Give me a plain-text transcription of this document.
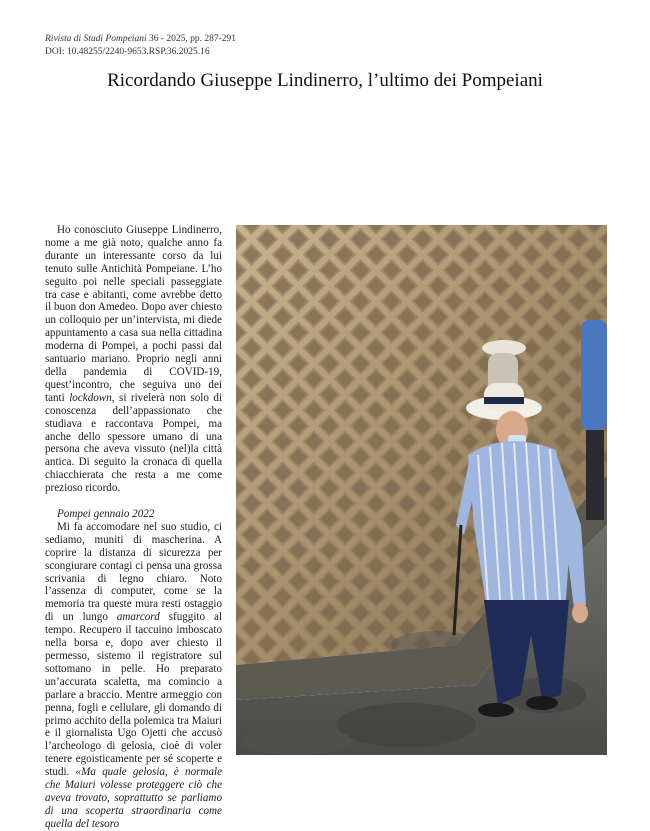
Rivista di Studi Pompeiani 36 - 2025, pp. 287-291
DOI: 10.48255/2240-9653.RSP.36.2025.16
Ricordando Giuseppe Lindinerro, l’ultimo dei Pompeiani

Ho conosciuto Giuseppe Lindinerro, nome a me già noto, qualche anno fa durante un interessante corso da lui tenuto sulle Antichità Pompeiane. L’ho seguito poi nelle speciali passeggiate tra case e abitanti, come avrebbe detto il buon don Amedeo. Dopo aver chiesto un colloquio per un’intervista, mi diede appuntamento a casa sua nella cittadina moderna di Pompei, a pochi passi dal santuario mariano. Proprio negli anni della pandemia di COVID-19, quest’incontro, che seguiva uno dei tanti lockdown, si rivelerà non solo di conoscenza dell’appassionato che studiava e raccontava Pompei, ma anche dello spessore umano di una persona che aveva vissuto (nel)la città antica. Di seguito la cronaca di quella chiacchierata che resta a me come prezioso ricordo.

Pompei gennaio 2022

Mi fa accomodare nel suo studio, ci sediamo, muniti di mascherina. A coprire la distanza di sicurezza per scongiurare contagi ci pensa una grossa scrivania di legno chiaro. Noto l’assenza di computer, come se la memoria tra queste mura resti ostaggio di un lungo amarcord sfuggito al tempo. Recupero il taccuino imboscato nella borsa e, dopo aver chiesto il permesso, sistemo il registratore sul sottomano in pelle. Ho preparato un’accurata scaletta, ma comincio a parlare a braccio. Mentre armeggio con penna, fogli e cellulare, gli domando di primo acchito della polemica tra Maiuri e il giornalista Ugo Ojetti che accusò l’archeologo di gelosia, cioè di voler tenere egoisticamente per sé scoperte e studi. «Ma quale gelosia, è normale che Maiuri volesse proteggere ciò che aveva trovato, soprattutto se parliamo di una scoperta straordinaria come quella del tesoro
